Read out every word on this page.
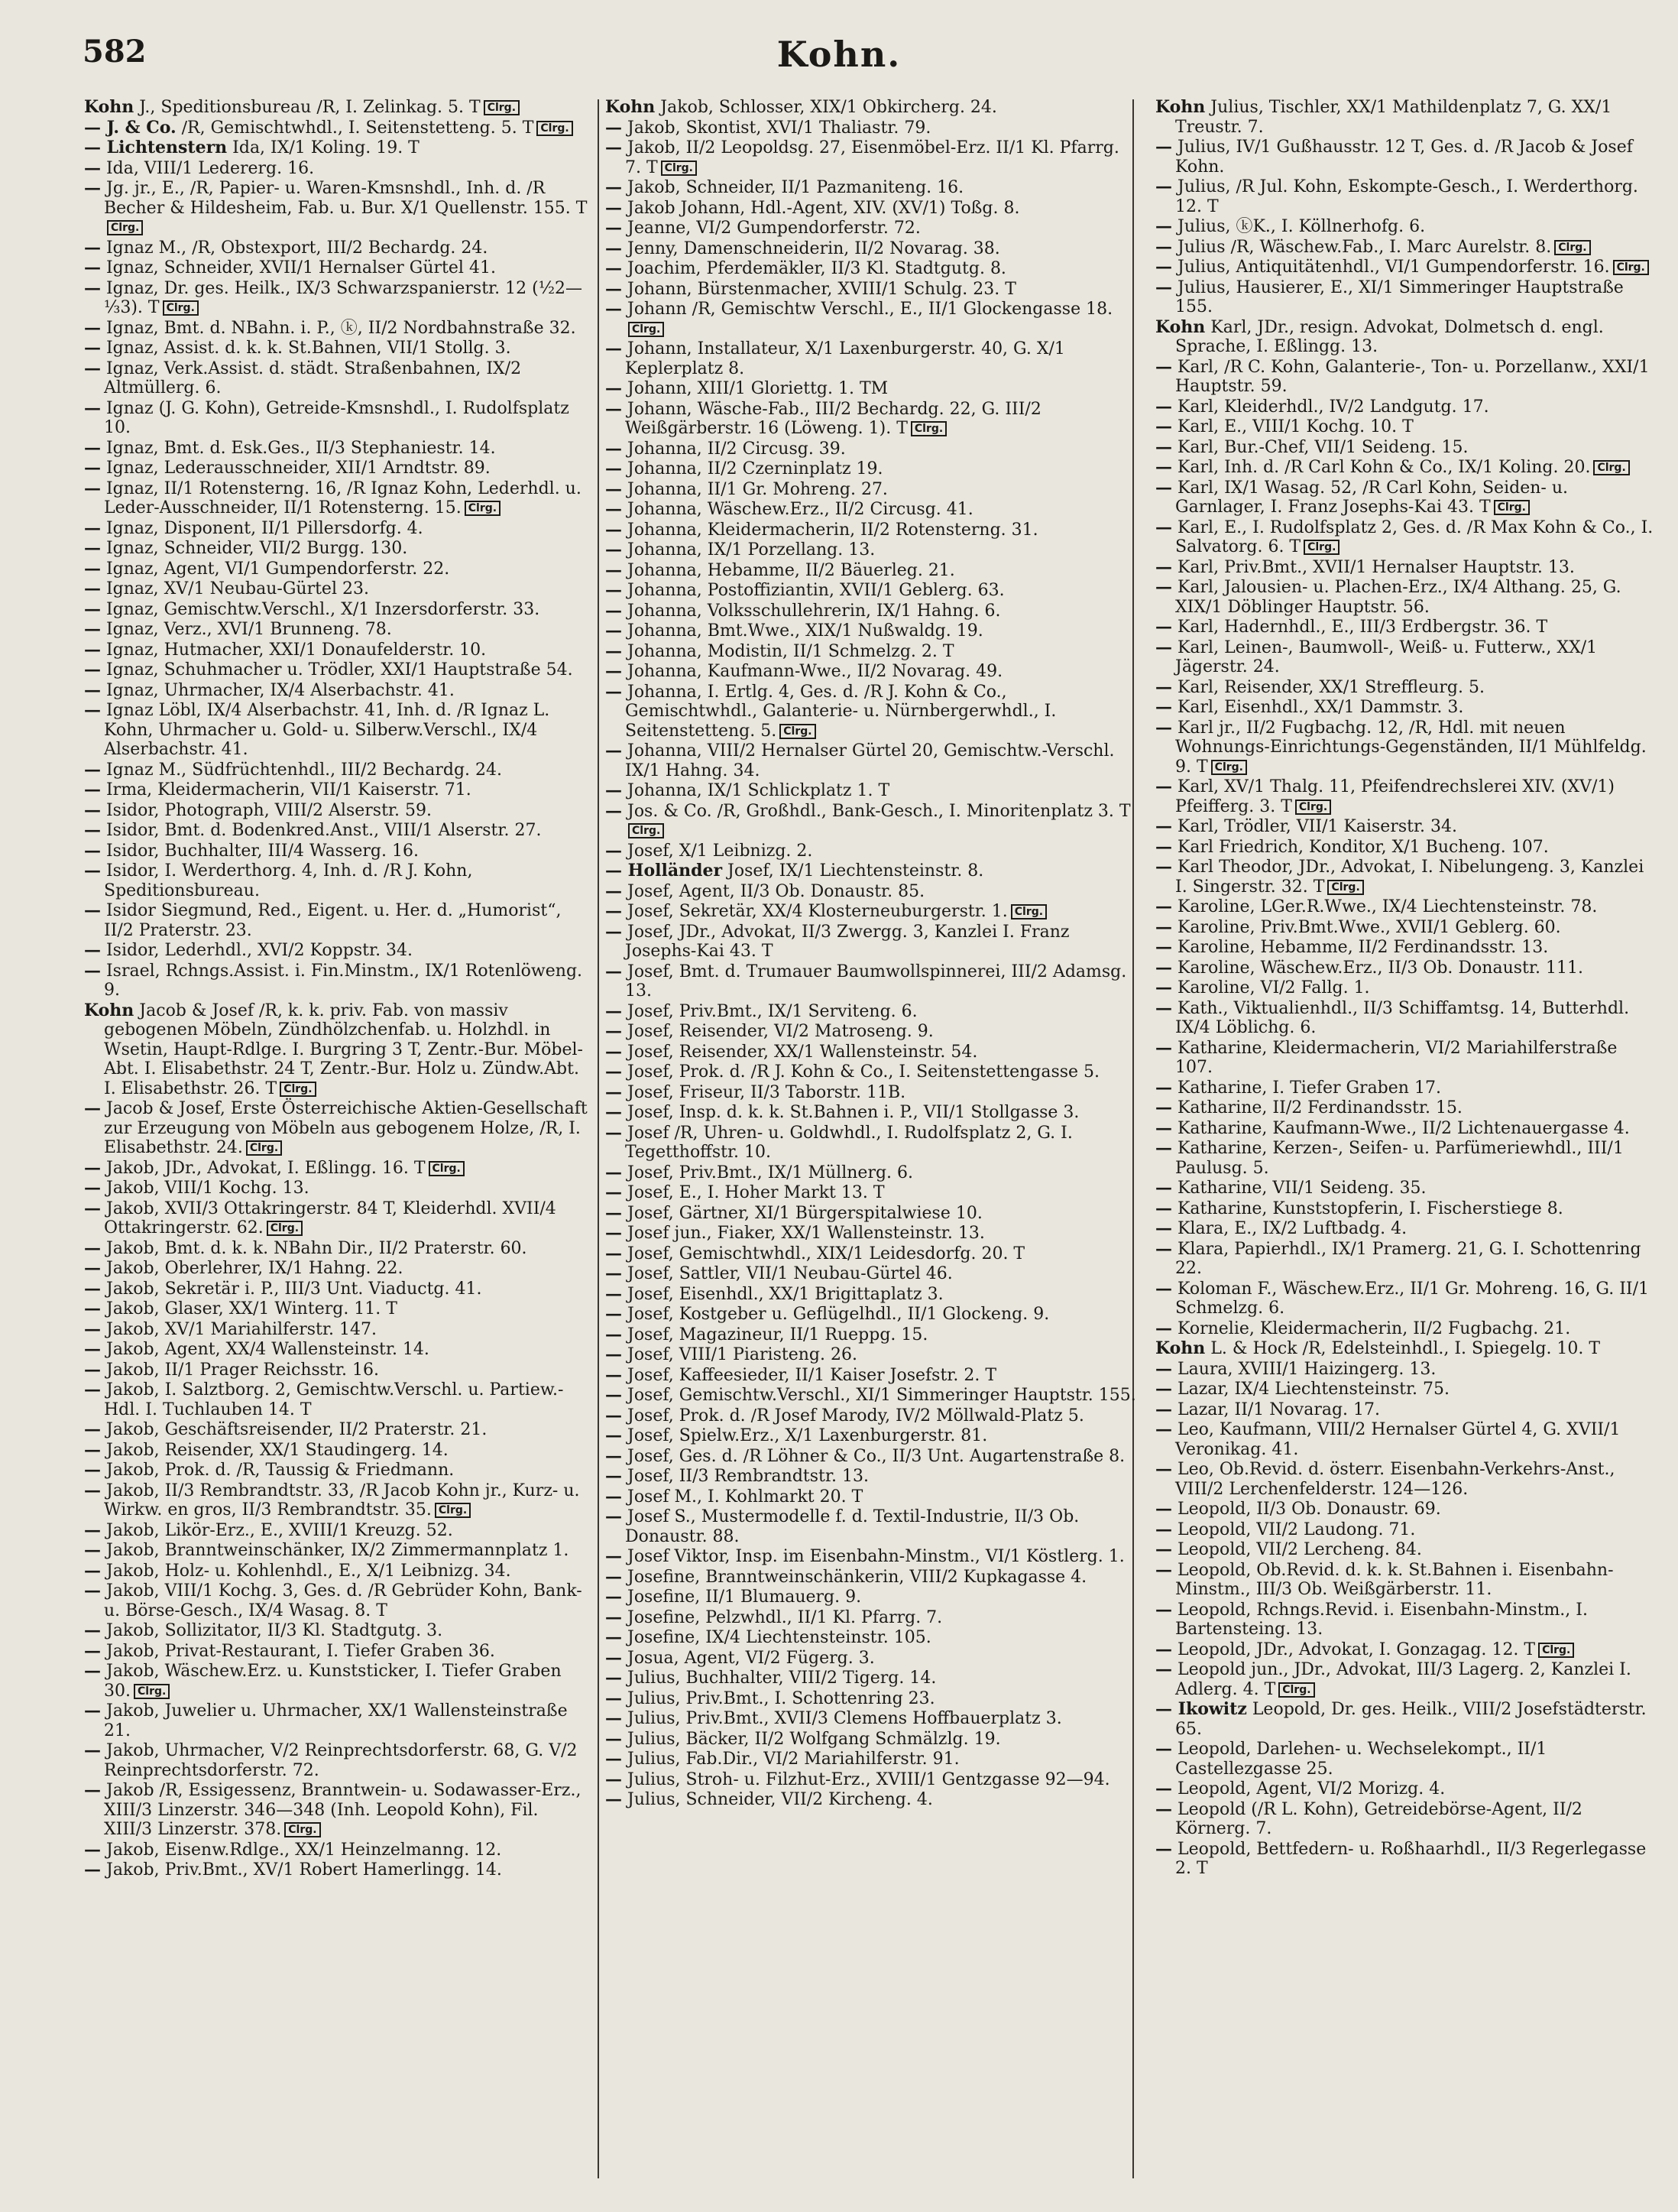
582	Kohn.
Kohn J., Speditionsbureau ∕R, I. Zelinkag. 5. T Clrg.
— J. & Co. ∕R, Gemischtwhdl., I. Seitenstetteng. 5. T Clrg.
— Lichtenstern Ida, IX/1 Koling. 19. T
— Ida, VIII/1 Ledererg. 16.
— Jg. jr., E., ∕R, Papier- u. Waren-Kmsnshdl., Inh. d. ∕R Becher & Hildesheim, Fab. u. Bur. X/1 Quellenstr. 155. TClrg.
— Ignaz M., ∕R, Obstexport, III/2 Bechardg. 24.
— Ignaz, Schneider, XVII/1 Hernalser Gürtel 41.
— Ignaz, Dr. ges. Heilk., IX/3 Schwarzspanierstr. 12 (½2—⅓3). T Clrg.
— Ignaz, Bmt. d. NBahn. i. P., ⓚ, II/2 Nordbahnstraße 32.
— Ignaz, Assist. d. k. k. St.Bahnen, VII/1 Stollg. 3.
— Ignaz, Verk.Assist. d. städt. Straßenbahnen, IX/2 Altmüllerg. 6.
— Ignaz (J. G. Kohn), Getreide-Kmsnshdl., I. Rudolfsplatz 10.
— Ignaz, Bmt. d. Esk.Ges., II/3 Stephaniestr. 14.
— Ignaz, Lederausschneider, XII/1 Arndtstr. 89.
— Ignaz, II/1 Rotensterng. 16, ∕R Ignaz Kohn, Lederhdl. u. Leder-Ausschneider, II/1 Rotensterng. 15. Clrg.
— Ignaz, Disponent, II/1 Pillersdorfg. 4.
— Ignaz, Schneider, VII/2 Burgg. 130.
— Ignaz, Agent, VI/1 Gumpendorferstr. 22.
— Ignaz, XV/1 Neubau-Gürtel 23.
— Ignaz, Gemischtw.Verschl., X/1 Inzersdorferstr. 33.
— Ignaz, Verz., XVI/1 Brunneng. 78.
— Ignaz, Hutmacher, XXI/1 Donaufelderstr. 10.
— Ignaz, Schuhmacher u. Trödler, XXI/1 Hauptstraße 54.
— Ignaz, Uhrmacher, IX/4 Alserbachstr. 41.
— Ignaz Löbl, IX/4 Alserbachstr. 41, Inh. d. ∕R Ignaz L. Kohn, Uhrmacher u. Gold- u. Silberw.Verschl., IX/4 Alserbachstr. 41.
— Ignaz M., Südfrüchtenhdl., III/2 Bechardg. 24.
— Irma, Kleidermacherin, VII/1 Kaiserstr. 71.
— Isidor, Photograph, VIII/2 Alserstr. 59.
— Isidor, Bmt. d. Bodenkred.Anst., VIII/1 Alserstr. 27.
— Isidor, Buchhalter, III/4 Wasserg. 16.
— Isidor, I. Werderthorg. 4, Inh. d. ∕R J. Kohn, Speditionsbureau.
— Isidor Siegmund, Red., Eigent. u. Her. d. „Humorist“, II/2 Praterstr. 23.
— Isidor, Lederhdl., XVI/2 Koppstr. 34.
— Israel, Rchngs.Assist. i. Fin.Minstm., IX/1 Rotenlöweng. 9.
Kohn Jacob & Josef ∕R, k. k. priv. Fab. von massiv gebogenen Möbeln, Zündhölzchenfab. u. Holzhdl. in Wsetin, Haupt-Rdlge. I. Burgring 3 T, Zentr.-Bur. Möbel-Abt. I. Elisabethstr. 24 T, Zentr.-Bur. Holz u. Zündw.Abt. I. Elisabethstr. 26. T Clrg.
— Jacob & Josef, Erste Österreichische Aktien-Gesellschaft zur Erzeugung von Möbeln aus gebogenem Holze, ∕R, I. Elisabethstr. 24. Clrg.
— Jakob, JDr., Advokat, I. Eßlingg. 16. T Clrg.
— Jakob, VIII/1 Kochg. 13.
— Jakob, XVII/3 Ottakringerstr. 84 T, Kleiderhdl. XVII/4 Ottakringerstr. 62. Clrg.
— Jakob, Bmt. d. k. k. NBahn Dir., II/2 Praterstr. 60.
— Jakob, Oberlehrer, IX/1 Hahng. 22.
— Jakob, Sekretär i. P., III/3 Unt. Viaductg. 41.
— Jakob, Glaser, XX/1 Winterg. 11. T
— Jakob, XV/1 Mariahilferstr. 147.
— Jakob, Agent, XX/4 Wallensteinstr. 14.
— Jakob, II/1 Prager Reichsstr. 16.
— Jakob, I. Salztborg. 2, Gemischtw.Verschl. u. Partiew.-Hdl. I. Tuchlauben 14. T
— Jakob, Geschäftsreisender, II/2 Praterstr. 21.
— Jakob, Reisender, XX/1 Staudingerg. 14.
— Jakob, Prok. d. ∕R, Taussig & Friedmann.
— Jakob, II/3 Rembrandtstr. 33, ∕R Jacob Kohn jr., Kurz- u. Wirkw. en gros, II/3 Rembrandtstr. 35. Clrg.
— Jakob, Likör-Erz., E., XVIII/1 Kreuzg. 52.
— Jakob, Branntweinschänker, IX/2 Zimmermannplatz 1.
— Jakob, Holz- u. Kohlenhdl., E., X/1 Leibnizg. 34.
— Jakob, VIII/1 Kochg. 3, Ges. d. ∕R Gebrüder Kohn, Bank- u. Börse-Gesch., IX/4 Wasag. 8. T
— Jakob, Sollizitator, II/3 Kl. Stadtgutg. 3.
— Jakob, Privat-Restaurant, I. Tiefer Graben 36.
— Jakob, Wäschew.Erz. u. Kunststicker, I. Tiefer Graben 30. Clrg.
— Jakob, Juwelier u. Uhrmacher, XX/1 Wallensteinstraße 21.
— Jakob, Uhrmacher, V/2 Reinprechtsdorferstr. 68, G. V/2 Reinprechtsdorferstr. 72.
— Jakob ∕R, Essigessenz, Branntwein- u. Sodawasser-Erz., XIII/3 Linzerstr. 346—348 (Inh. Leopold Kohn), Fil. XIII/3 Linzerstr. 378. Clrg.
— Jakob, Eisenw.Rdlge., XX/1 Heinzelmanng. 12.
— Jakob, Priv.Bmt., XV/1 Robert Hamerlingg. 14.
Kohn Jakob, Schlosser, XIX/1 Obkircherg. 24.
— Jakob, Skontist, XVI/1 Thaliastr. 79.
— Jakob, II/2 Leopoldsg. 27, Eisenmöbel-Erz. II/1 Kl. Pfarrg. 7. T Clrg.
— Jakob, Schneider, II/1 Pazmaniteng. 16.
— Jakob Johann, Hdl.-Agent, XIV. (XV/1) Toßg. 8.
— Jeanne, VI/2 Gumpendorferstr. 72.
— Jenny, Damenschneiderin, II/2 Novarag. 38.
— Joachim, Pferdemäkler, II/3 Kl. Stadtgutg. 8.
— Johann, Bürstenmacher, XVIII/1 Schulg. 23. T
— Johann ∕R, Gemischtw Verschl., E., II/1 Glockengasse 18.Clrg.
— Johann, Installateur, X/1 Laxenburgerstr. 40, G. X/1 Keplerplatz 8.
— Johann, XIII/1 Gloriettg. 1. TM
— Johann, Wäsche-Fab., III/2 Bechardg. 22, G. III/2 Weißgärberstr. 16 (Löweng. 1). T Clrg.
— Johanna, II/2 Circusg. 39.
— Johanna, II/2 Czerninplatz 19.
— Johanna, II/1 Gr. Mohreng. 27.
— Johanna, Wäschew.Erz., II/2 Circusg. 41.
— Johanna, Kleidermacherin, II/2 Rotensterng. 31.
— Johanna, IX/1 Porzellang. 13.
— Johanna, Hebamme, II/2 Bäuerleg. 21.
— Johanna, Postoffiziantin, XVII/1 Geblerg. 63.
— Johanna, Volksschullehrerin, IX/1 Hahng. 6.
— Johanna, Bmt.Wwe., XIX/1 Nußwaldg. 19.
— Johanna, Modistin, II/1 Schmelzg. 2. T
— Johanna, Kaufmann-Wwe., II/2 Novarag. 49.
— Johanna, I. Ertlg. 4, Ges. d. ∕R J. Kohn & Co., Gemischtwhdl., Galanterie- u. Nürnbergerwhdl., I. Seitenstetteng. 5. Clrg.
— Johanna, VIII/2 Hernalser Gürtel 20, Gemischtw.-Verschl. IX/1 Hahng. 34.
— Johanna, IX/1 Schlickplatz 1. T
— Jos. & Co. ∕R, Großhdl., Bank-Gesch., I. Minoritenplatz 3. TClrg.
— Josef, X/1 Leibnizg. 2.
— Holländer Josef, IX/1 Liechtensteinstr. 8.
— Josef, Agent, II/3 Ob. Donaustr. 85.
— Josef, Sekretär, XX/4 Klosterneuburgerstr. 1. Clrg.
— Josef, JDr., Advokat, II/3 Zwergg. 3, Kanzlei I. Franz Josephs-Kai 43. T
— Josef, Bmt. d. Trumauer Baumwollspinnerei, III/2 Adamsg. 13.
— Josef, Priv.Bmt., IX/1 Serviteng. 6.
— Josef, Reisender, VI/2 Matroseng. 9.
— Josef, Reisender, XX/1 Wallensteinstr. 54.
— Josef, Prok. d. ∕R J. Kohn & Co., I. Seitenstettengasse 5.
— Josef, Friseur, II/3 Taborstr. 11B.
— Josef, Insp. d. k. k. St.Bahnen i. P., VII/1 Stollgasse 3.
— Josef ∕R, Uhren- u. Goldwhdl., I. Rudolfsplatz 2, G. I. Tegetthoffstr. 10.
— Josef, Priv.Bmt., IX/1 Müllnerg. 6.
— Josef, E., I. Hoher Markt 13. T
— Josef, Gärtner, XI/1 Bürgerspitalwiese 10.
— Josef jun., Fiaker, XX/1 Wallensteinstr. 13.
— Josef, Gemischtwhdl., XIX/1 Leidesdorfg. 20. T
— Josef, Sattler, VII/1 Neubau-Gürtel 46.
— Josef, Eisenhdl., XX/1 Brigittaplatz 3.
— Josef, Kostgeber u. Geflügelhdl., II/1 Glockeng. 9.
— Josef, Magazineur, II/1 Rueppg. 15.
— Josef, VIII/1 Piaristeng. 26.
— Josef, Kaffeesieder, II/1 Kaiser Josefstr. 2. T
— Josef, Gemischtw.Verschl., XI/1 Simmeringer Hauptstr. 155.
— Josef, Prok. d. ∕R Josef Marody, IV/2 Möllwald-Platz 5.
— Josef, Spielw.Erz., X/1 Laxenburgerstr. 81.
— Josef, Ges. d. ∕R Löhner & Co., II/3 Unt. Augartenstraße 8.
— Josef, II/3 Rembrandtstr. 13.
— Josef M., I. Kohlmarkt 20. T
— Josef S., Mustermodelle f. d. Textil-Industrie, II/3 Ob. Donaustr. 88.
— Josef Viktor, Insp. im Eisenbahn-Minstm., VI/1 Köstlerg. 1.
— Josefine, Branntweinschänkerin, VIII/2 Kupkagasse 4.
— Josefine, II/1 Blumauerg. 9.
— Josefine, Pelzwhdl., II/1 Kl. Pfarrg. 7.
— Josefine, IX/4 Liechtensteinstr. 105.
— Josua, Agent, VI/2 Fügerg. 3.
— Julius, Buchhalter, VIII/2 Tigerg. 14.
— Julius, Priv.Bmt., I. Schottenring 23.
— Julius, Priv.Bmt., XVII/3 Clemens Hoffbauerplatz 3.
— Julius, Bäcker, II/2 Wolfgang Schmälzlg. 19.
— Julius, Fab.Dir., VI/2 Mariahilferstr. 91.
— Julius, Stroh- u. Filzhut-Erz., XVIII/1 Gentzgasse 92—94.
— Julius, Schneider, VII/2 Kircheng. 4.
Kohn Julius, Tischler, XX/1 Mathildenplatz 7, G. XX/1 Treustr. 7.
— Julius, IV/1 Gußhausstr. 12 T, Ges. d. ∕R Jacob & Josef Kohn.
— Julius, ∕R Jul. Kohn, Eskompte-Gesch., I. Werderthorg. 12. T
— Julius, ⓚK., I. Köllnerhofg. 6.
— Julius ∕R, Wäschew.Fab., I. Marc Aurelstr. 8. Clrg.
— Julius, Antiquitätenhdl., VI/1 Gumpendorferstr. 16. Clrg.
— Julius, Hausierer, E., XI/1 Simmeringer Hauptstraße 155.
Kohn Karl, JDr., resign. Advokat, Dolmetsch d. engl. Sprache, I. Eßlingg. 13.
— Karl, ∕R C. Kohn, Galanterie-, Ton- u. Porzellanw., XXI/1 Hauptstr. 59.
— Karl, Kleiderhdl., IV/2 Landgutg. 17.
— Karl, E., VIII/1 Kochg. 10. T
— Karl, Bur.-Chef, VII/1 Seideng. 15.
— Karl, Inh. d. ∕R Carl Kohn & Co., IX/1 Koling. 20. Clrg.
— Karl, IX/1 Wasag. 52, ∕R Carl Kohn, Seiden- u. Garnlager, I. Franz Josephs-Kai 43. T Clrg.
— Karl, E., I. Rudolfsplatz 2, Ges. d. ∕R Max Kohn & Co., I. Salvatorg. 6. T Clrg.
— Karl, Priv.Bmt., XVII/1 Hernalser Hauptstr. 13.
— Karl, Jalousien- u. Plachen-Erz., IX/4 Althang. 25, G. XIX/1 Döblinger Hauptstr. 56.
— Karl, Hadernhdl., E., III/3 Erdbergstr. 36. T
— Karl, Leinen-, Baumwoll-, Weiß- u. Futterw., XX/1 Jägerstr. 24.
— Karl, Reisender, XX/1 Streffleurg. 5.
— Karl, Eisenhdl., XX/1 Dammstr. 3.
— Karl jr., II/2 Fugbachg. 12, ∕R, Hdl. mit neuen Wohnungs-Einrichtungs-Gegenständen, II/1 Mühlfeldg. 9. T Clrg.
— Karl, XV/1 Thalg. 11, Pfeifendrechslerei XIV. (XV/1) Pfeifferg. 3. T Clrg.
— Karl, Trödler, VII/1 Kaiserstr. 34.
— Karl Friedrich, Konditor, X/1 Bucheng. 107.
— Karl Theodor, JDr., Advokat, I. Nibelungeng. 3, Kanzlei I. Singerstr. 32. T Clrg.
— Karoline, LGer.R.Wwe., IX/4 Liechtensteinstr. 78.
— Karoline, Priv.Bmt.Wwe., XVII/1 Geblerg. 60.
— Karoline, Hebamme, II/2 Ferdinandsstr. 13.
— Karoline, Wäschew.Erz., II/3 Ob. Donaustr. 111.
— Karoline, VI/2 Fallg. 1.
— Kath., Viktualienhdl., II/3 Schiffamtsg. 14, Butterhdl. IX/4 Löblichg. 6.
— Katharine, Kleidermacherin, VI/2 Mariahilferstraße 107.
— Katharine, I. Tiefer Graben 17.
— Katharine, II/2 Ferdinandsstr. 15.
— Katharine, Kaufmann-Wwe., II/2 Lichtenauergasse 4.
— Katharine, Kerzen-, Seifen- u. Parfümeriewhdl., III/1 Paulusg. 5.
— Katharine, VII/1 Seideng. 35.
— Katharine, Kunststopferin, I. Fischerstiege 8.
— Klara, E., IX/2 Luftbadg. 4.
— Klara, Papierhdl., IX/1 Pramerg. 21, G. I. Schottenring 22.
— Koloman F., Wäschew.Erz., II/1 Gr. Mohreng. 16, G. II/1 Schmelzg. 6.
— Kornelie, Kleidermacherin, II/2 Fugbachg. 21.
Kohn L. & Hock ∕R, Edelsteinhdl., I. Spiegelg. 10. T
— Laura, XVIII/1 Haizingerg. 13.
— Lazar, IX/4 Liechtensteinstr. 75.
— Lazar, II/1 Novarag. 17.
— Leo, Kaufmann, VIII/2 Hernalser Gürtel 4, G. XVII/1 Veronikag. 41.
— Leo, Ob.Revid. d. österr. Eisenbahn-Verkehrs-Anst., VIII/2 Lerchenfelderstr. 124—126.
— Leopold, II/3 Ob. Donaustr. 69.
— Leopold, VII/2 Laudong. 71.
— Leopold, VII/2 Lercheng. 84.
— Leopold, Ob.Revid. d. k. k. St.Bahnen i. Eisenbahn-Minstm., III/3 Ob. Weißgärberstr. 11.
— Leopold, Rchngs.Revid. i. Eisenbahn-Minstm., I. Bartensteing. 13.
— Leopold, JDr., Advokat, I. Gonzagag. 12. T Clrg.
— Leopold jun., JDr., Advokat, III/3 Lagerg. 2, Kanzlei I. Adlerg. 4. T Clrg.
— Ikowitz Leopold, Dr. ges. Heilk., VIII/2 Josefstädterstr. 65.
— Leopold, Darlehen- u. Wechselekompt., II/1 Castellezgasse 25.
— Leopold, Agent, VI/2 Morizg. 4.
— Leopold (∕R L. Kohn), Getreidebörse-Agent, II/2 Körnerg. 7.
— Leopold, Bettfedern- u. Roßhaarhdl., II/3 Regerlegasse 2. T
